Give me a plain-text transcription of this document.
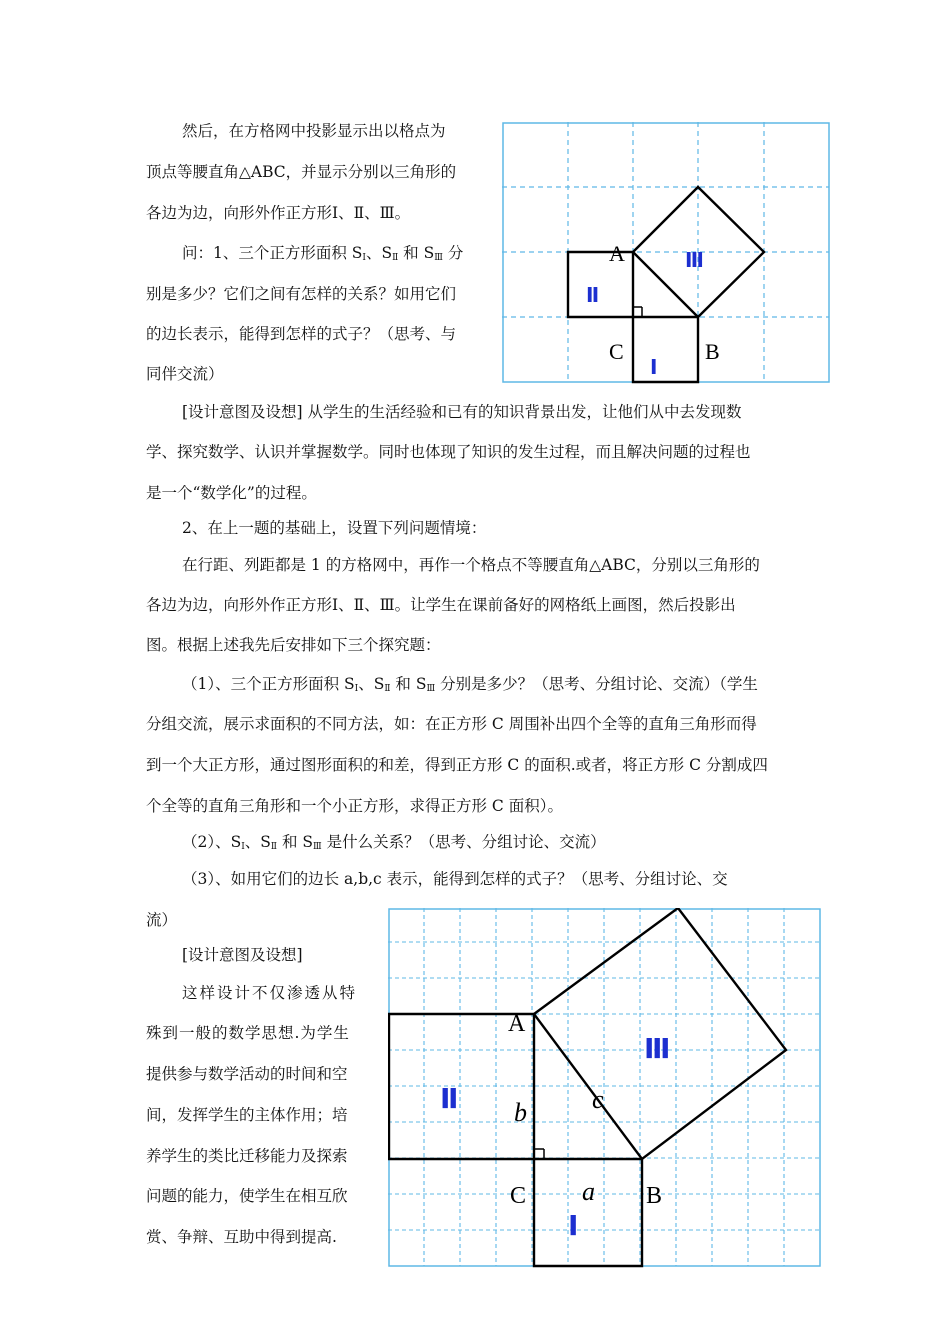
然后，在方格网中投影显示出以格点为
顶点等腰直角△ABC，并显示分别以三角形的
各边为边，向形外作正方形Ⅰ、Ⅱ、Ⅲ。
问：1、三个正方形面积 $S_Ⅰ$、$S_Ⅱ$ 和 $S_Ⅲ$ 分
别是多少？它们之间有怎样的关系？如用它们
的边长表示，能得到怎样的式子？（思考、与
同伴交流）
[设计意图及设想] 从学生的生活经验和已有的知识背景出发，让他们从中去发现数
学、探究数学、认识并掌握数学。同时也体现了知识的发生过程，而且解决问题的过程也
是一个“数学化”的过程。
2、在上一题的基础上，设置下列问题情境：
在行距、列距都是 1 的方格网中，再作一个格点不等腰直角△ABC，分别以三角形的
各边为边，向形外作正方形Ⅰ、Ⅱ、Ⅲ。让学生在课前备好的网格纸上画图，然后投影出
图。根据上述我先后安排如下三个探究题：
（1）、三个正方形面积 $S_Ⅰ$、$S_Ⅱ$ 和 $S_Ⅲ$ 分别是多少？（思考、分组讨论、交流）（学生
分组交流，展示求面积的不同方法，如：在正方形 C 周围补出四个全等的直角三角形而得
到一个大正方形，通过图形面积的和差，得到正方形 C 的面积.或者，将正方形 C 分割成四
个全等的直角三角形和一个小正方形，求得正方形 C 面积）。
（2）、$S_Ⅰ$、$S_Ⅱ$ 和 $S_Ⅲ$ 是什么关系？（思考、分组讨论、交流）
（3）、如用它们的边长 a,b,c 表示，能得到怎样的式子？（思考、分组讨论、交
流）
[设计意图及设想]
这样设计不仅渗透从特
殊到一般的数学思想.为学生
提供参与数学活动的时间和空
间，发挥学生的主体作用；培
养学生的类比迁移能力及探索
问题的能力，使学生在相互欣
赏、争辩、互助中得到提高.
A
C	B
Ⅱ
Ⅰ
Ⅲ
A
C	B
a
b	c
Ⅱ
Ⅰ
Ⅲ
